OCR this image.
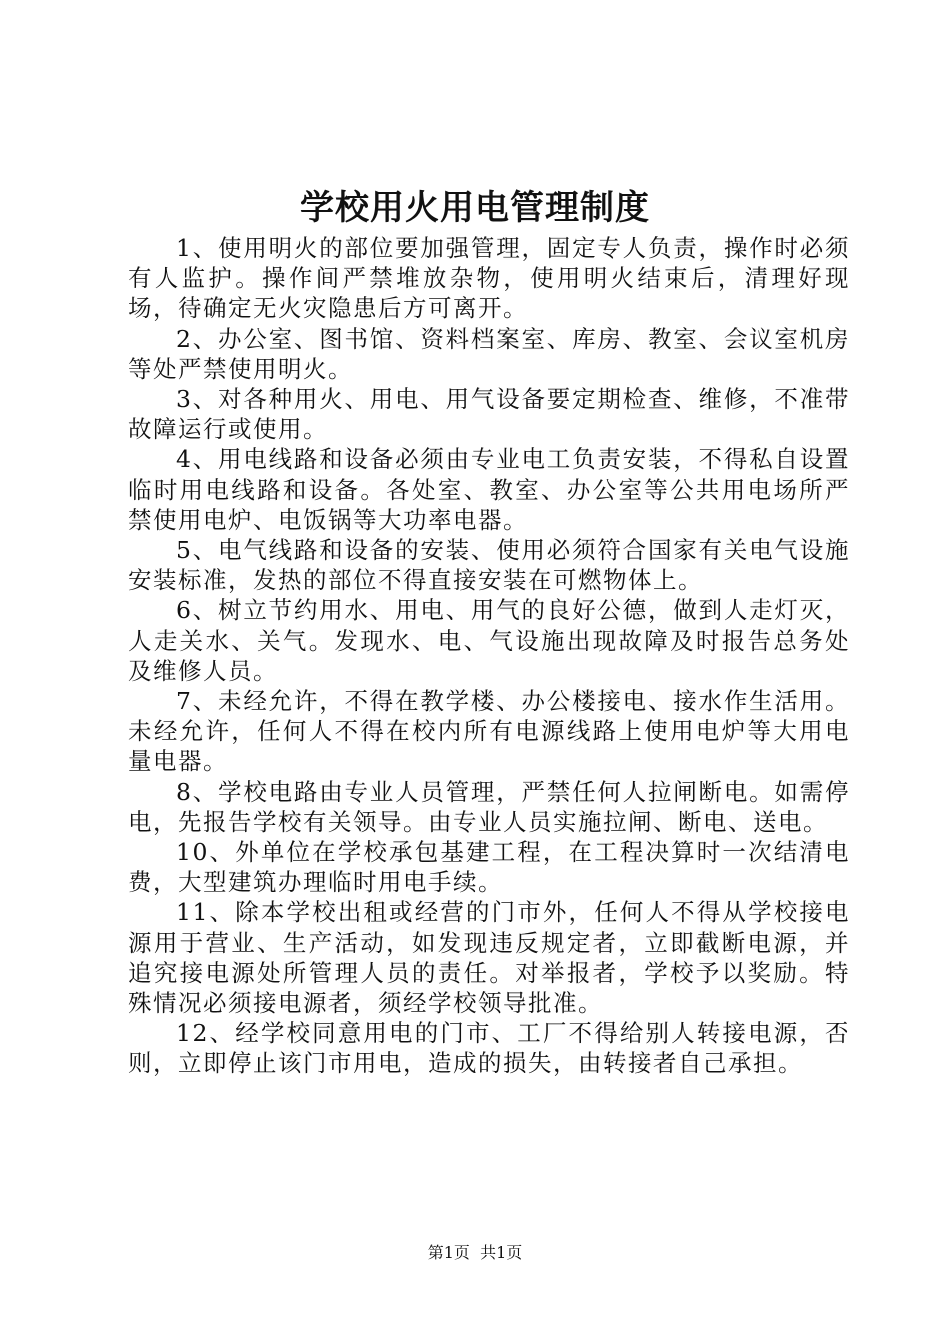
学校用火用电管理制度

1、使用明火的部位要加强管理，固定专人负责，操作时必须有人监护。操作间严禁堆放杂物，使用明火结束后，清理好现场，待确定无火灾隐患后方可离开。

2、办公室、图书馆、资料档案室、库房、教室、会议室机房等处严禁使用明火。

3、对各种用火、用电、用气设备要定期检查、维修，不准带故障运行或使用。

4、用电线路和设备必须由专业电工负责安装，不得私自设置临时用电线路和设备。各处室、教室、办公室等公共用电场所严禁使用电炉、电饭锅等大功率电器。

5、电气线路和设备的安装、使用必须符合国家有关电气设施安装标准，发热的部位不得直接安装在可燃物体上。

6、树立节约用水、用电、用气的良好公德，做到人走灯灭，人走关水、关气。发现水、电、气设施出现故障及时报告总务处及维修人员。

7、未经允许，不得在教学楼、办公楼接电、接水作生活用。未经允许，任何人不得在校内所有电源线路上使用电炉等大用电量电器。

8、学校电路由专业人员管理，严禁任何人拉闸断电。如需停电，先报告学校有关领导。由专业人员实施拉闸、断电、送电。

10、外单位在学校承包基建工程，在工程决算时一次结清电费，大型建筑办理临时用电手续。

11、除本学校出租或经营的门市外，任何人不得从学校接电源用于营业、生产活动，如发现违反规定者，立即截断电源，并追究接电源处所管理人员的责任。对举报者，学校予以奖励。特殊情况必须接电源者，须经学校领导批准。

12、经学校同意用电的门市、工厂不得给别人转接电源，否则，立即停止该门市用电，造成的损失，由转接者自己承担。

第1页  共1页
